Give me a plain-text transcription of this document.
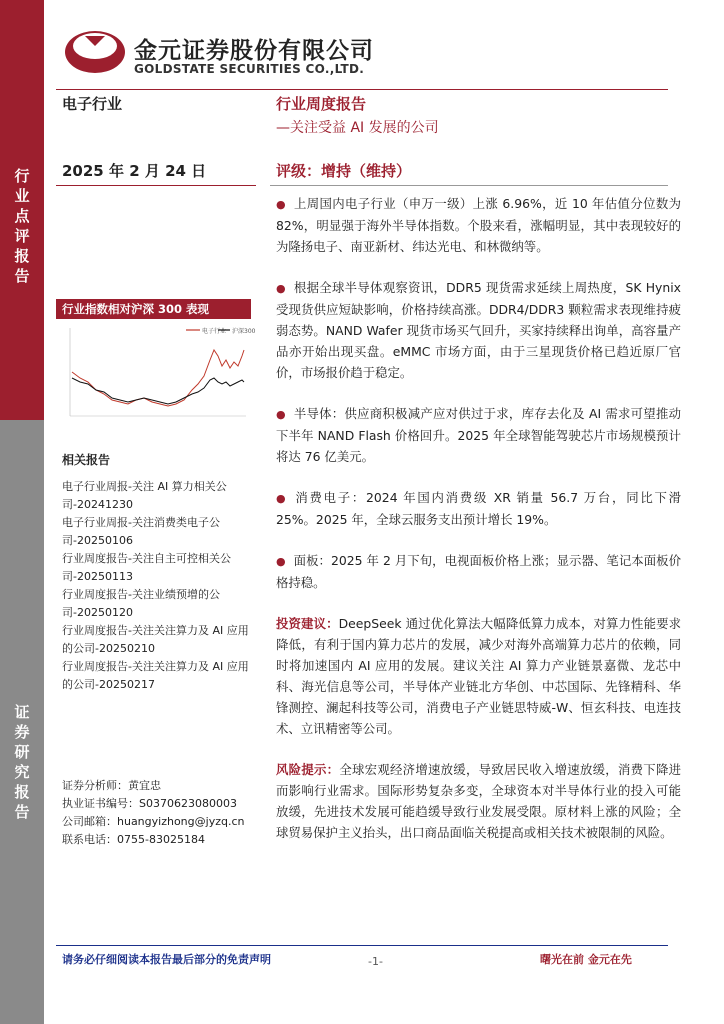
行
业
点
评
报
告
证
券
研
究
报
告
金元证券股份有限公司
GOLDSTATE SECURITIES CO.,LTD.
电子行业
2025 年 2 月 24 日
行业周度报告
—关注受益 AI 发展的公司
评级：增持（维持）
行业指数相对沪深 300 表现
电子行业 沪深300
相关报告
电子行业周报-关注 AI 算力相关公司-20241230
电子行业周报-关注消费类电子公司-20250106
行业周度报告-关注自主可控相关公司-20250113
行业周度报告-关注业绩预增的公司-20250120
行业周度报告-关注关注算力及 AI 应用的公司-20250210
行业周度报告-关注关注算力及 AI 应用的公司-20250217
证券分析师：黄宜忠
执业证书编号：S0370623080003
公司邮箱：huangyizhong@jyzq.cn
联系电话：0755-83025184

● 上周国内电子行业（申万一级）上涨 6.96%，近 10 年估值分位数为 82%，明显强于海外半导体指数。个股来看，涨幅明显，其中表现较好的为隆扬电子、南亚新材、纬达光电、和林微纳等。

● 根据全球半导体观察资讯，DDR5 现货需求延续上周热度，SK Hynix 受现货供应短缺影响，价格持续高涨。DDR4/DDR3 颗粒需求表现维持疲弱态势。NAND Wafer 现货市场买气回升，买家持续释出询单，高容量产品亦开始出现买盘。eMMC 市场方面，由于三星现货价格已趋近原厂官价，市场报价趋于稳定。

● 半导体：供应商积极减产应对供过于求，库存去化及 AI 需求可望推动下半年 NAND Flash 价格回升。2025 年全球智能驾驶芯片市场规模预计将达 76 亿美元。

● 消费电子：2024 年国内消费级 XR 销量 56.7 万台，同比下滑 25%。2025 年，全球云服务支出预计增长 19%。

● 面板：2025 年 2 月下旬，电视面板价格上涨；显示器、笔记本面板价格持稳。

投资建议：DeepSeek 通过优化算法大幅降低算力成本，对算力性能要求降低，有利于国内算力芯片的发展，减少对海外高端算力芯片的依赖，同时将加速国内 AI 应用的发展。建议关注 AI 算力产业链景嘉微、龙芯中科、海光信息等公司，半导体产业链北方华创、中芯国际、先锋精科、华锋测控、澜起科技等公司，消费电子产业链思特威-W、恒玄科技、电连技术、立讯精密等公司。

风险提示：全球宏观经济增速放缓，导致居民收入增速放缓，消费下降进而影响行业需求。国际形势复杂多变，全球资本对半导体行业的投入可能放缓，先进技术发展可能趋缓导致行业发展受限。原材料上涨的风险；全球贸易保护主义抬头，出口商品面临关税提高或相关技术被限制的风险。

请务必仔细阅读本报告最后部分的免责声明	-1-	曙光在前 金元在先
